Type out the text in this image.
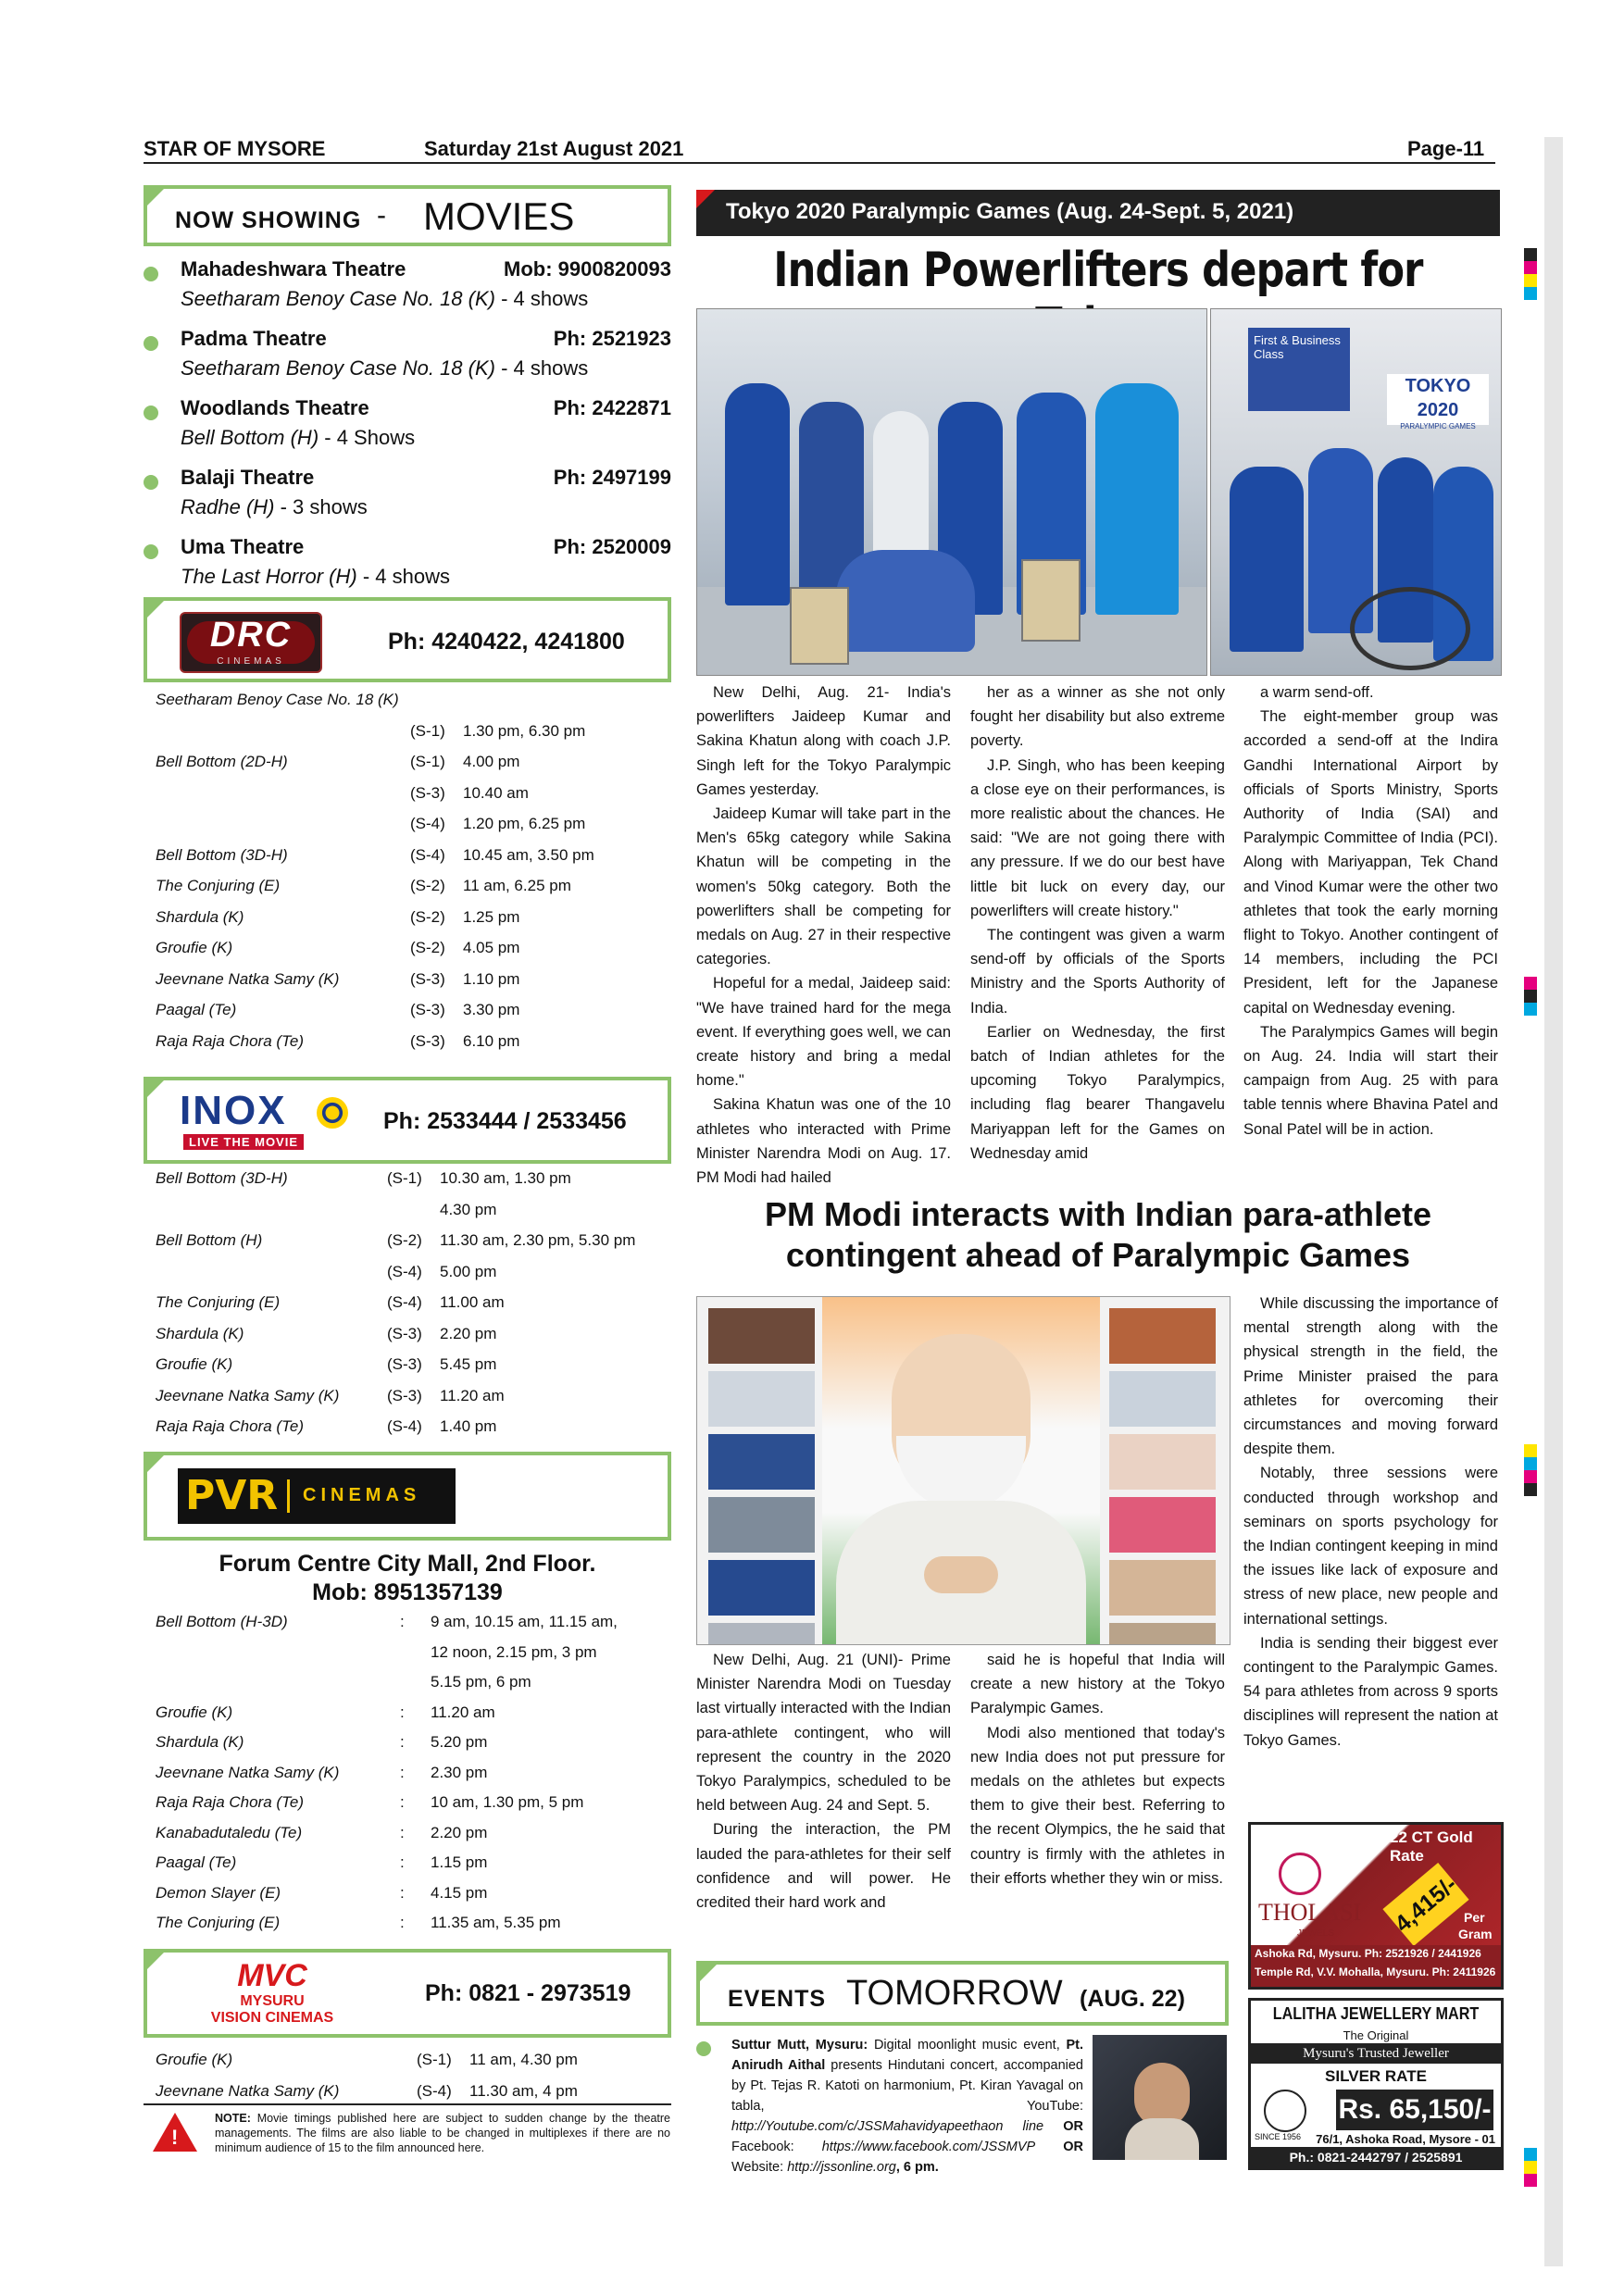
STAR OF MYSORE	Saturday 21st August 2021	Page-11
NOW SHOWING - MOVIES
Mahadeshwara Theatre	Mob: 9900820093
Seetharam Benoy Case No. 18 (K) - 4 shows
Padma Theatre	Ph: 2521923
Seetharam Benoy Case No. 18 (K) - 4 shows
Woodlands Theatre	Ph: 2422871
Bell Bottom (H) - 4 Shows
Balaji Theatre	Ph: 2497199
Radhe (H) - 3 shows
Uma Theatre	Ph: 2520009
The Last Horror (H) - 4 shows
DRC
CINEMAS
Ph: 4240422, 4241800
Seetharam Benoy Case No. 18 (K)
(S-1) 1.30 pm, 6.30 pm
Bell Bottom (2D-H)	(S-1) 4.00 pm
(S-3) 10.40 am
(S-4) 1.20 pm, 6.25 pm
Bell Bottom (3D-H)	(S-4) 10.45 am, 3.50 pm
The Conjuring (E)	(S-2) 11 am, 6.25 pm
Shardula (K)	(S-2) 1.25 pm
Groufie (K)	(S-2) 4.05 pm
Jeevnane Natka Samy (K)	(S-3) 1.10 pm
Paagal (Te)	(S-3) 3.30 pm
Raja Raja Chora (Te)	(S-3) 6.10 pm
INOX
LIVE THE MOVIE
Ph: 2533444 / 2533456
Bell Bottom (3D-H)	(S-1) 10.30 am, 1.30 pm
4.30 pm
Bell Bottom (H)	(S-2) 11.30 am, 2.30 pm, 5.30 pm
(S-4) 5.00 pm
The Conjuring (E)	(S-4) 11.00 am
Shardula (K)	(S-3) 2.20 pm
Groufie (K)	(S-3) 5.45 pm
Jeevnane Natka Samy (K)	(S-3) 11.20 am
Raja Raja Chora (Te)	(S-4) 1.40 pm
PVR CINEMAS
Forum Centre City Mall, 2nd Floor.
Mob: 8951357139
Bell Bottom (H-3D)	: 9 am, 10.15 am, 11.15 am,
12 noon, 2.15 pm, 3 pm
5.15 pm, 6 pm
Groufie (K)	: 11.20 am
Shardula (K)	: 5.20 pm
Jeevnane Natka Samy (K)	: 2.30 pm
Raja Raja Chora (Te)	: 10 am, 1.30 pm, 5 pm
Kanabadutaledu (Te)	: 2.20 pm
Paagal (Te)	: 1.15 pm
Demon Slayer (E)	: 4.15 pm
The Conjuring (E)	: 11.35 am, 5.35 pm
MVC
MYSURU
VISION CINEMAS
Ph: 0821 - 2973519
Groufie (K)	(S-1) 11 am, 4.30 pm
Jeevnane Natka Samy (K)	(S-4) 11.30 am, 4 pm
!
NOTE: Movie timings published here are subject to sudden change by the theatre managements. The films are also liable to be changed in multiplexes if there are no minimum audience of 15 to the film announced here.
Tokyo 2020 Paralympic Games (Aug. 24-Sept. 5, 2021)
Indian Powerlifters depart for
First & Business Class
TOKYO 2020
PARALYMPIC GAMES

New Delhi, Aug. 21- India's powerlifters Jaideep Kumar and Sakina Khatun along with coach J.P. Singh left for the Tokyo Paralympic Games yesterday.

Jaideep Kumar will take part in the Men's 65kg category while Sakina Khatun will be competing in the women's 50kg category. Both the powerlifters shall be competing for medals on Aug. 27 in their respective categories.

Hopeful for a medal, Jaideep said: "We have trained hard for the mega event. If everything goes well, we can create history and bring a medal home."

Sakina Khatun was one of the 10 athletes who interacted with Prime Minister Narendra Modi on Aug. 17. PM Modi had hailed

her as a winner as she not only fought her disability but also extreme poverty.

J.P. Singh, who has been keeping a close eye on their performances, is more realistic about the chances. He said: "We are not going there with any pressure. If we do our best have little bit luck on every day, our powerlifters will create history."

The contingent was given a warm send-off by officials of the Sports Ministry and the Sports Authority of India.

Earlier on Wednesday, the first batch of Indian athletes for the upcoming Tokyo Paralympics, including flag bearer Thangavelu Mariyappan left for the Games on Wednesday amid

a warm send-off.

The eight-member group was accorded a send-off at the Indira Gandhi International Airport by officials of Sports Ministry, Sports Authority of India (SAI) and Paralympic Committee of India (PCI). Along with Mariyappan, Tek Chand and Vinod Kumar were the other two athletes that took the early morning flight to Tokyo. Another contingent of 14 members, including the PCI President, left for the Japanese capital on Wednesday evening.

The Paralympics Games will begin on Aug. 24. India will start their campaign from Aug. 25 with para table tennis where Bhavina Patel and Sonal Patel will be in action.

PM Modi interacts with Indian para-athlete
contingent ahead of Paralympic Games

While discussing the importance of mental strength along with the physical strength in the field, the Prime Minister praised the para athletes for overcoming their circumstances and moving forward despite them.

Notably, three sessions were conducted through workshop and seminars on sports psychology for the Indian contingent keeping in mind the issues like lack of exposure and stress of new place, new people and international settings.

India is sending their biggest ever contingent to the Paralympic Games. 54 para athletes from across 9 sports disciplines will represent the nation at Tokyo Games.

New Delhi, Aug. 21 (UNI)- Prime Minister Narendra Modi on Tuesday last virtually interacted with the Indian para-athlete contingent, who will represent the country in the 2020 Tokyo Paralympics, scheduled to be held between Aug. 24 and Sept. 5.

During the interaction, the PM lauded the para-athletes for their self confidence and will power. He credited their hard work and

said he is hopeful that India will create a new history at the Tokyo Paralympic Games.

Modi also mentioned that today's new India does not put pressure for medals on the athletes but expects them to give their best. Referring to the recent Olympics, the he said that country is firmly with the athletes in their efforts whether they win or miss.

EVENTS TOMORROW (AUG. 22)
Suttur Mutt, Mysuru: Digital moonlight music event, Pt. Anirudh Aithal presents Hindutani concert, accompanied by Pt. Tejas R. Katoti on harmonium, Pt. Kiran Yavagal on tabla, YouTube: http://Youtube.com/c/JSSMahavidyapeethaon line OR Facebook: https://www.facebook.com/JSSMVP OR Website: http://jssonline.org, 6 pm.
22 CT Gold Rate
THOLASI
JEWELS	4,415/- Per
Gram
Ashoka Rd, Mysuru. Ph: 2521926 / 2441926
Temple Rd, V.V. Mohalla, Mysuru. Ph: 2411926
LALITHA JEWELLERY MART
The Original
Mysuru's Trusted Jeweller
SILVER RATE
SINCE 1956
Rs. 65,150/-
76/1, Ashoka Road, Mysore - 01
Ph.: 0821-2442797 / 2525891
